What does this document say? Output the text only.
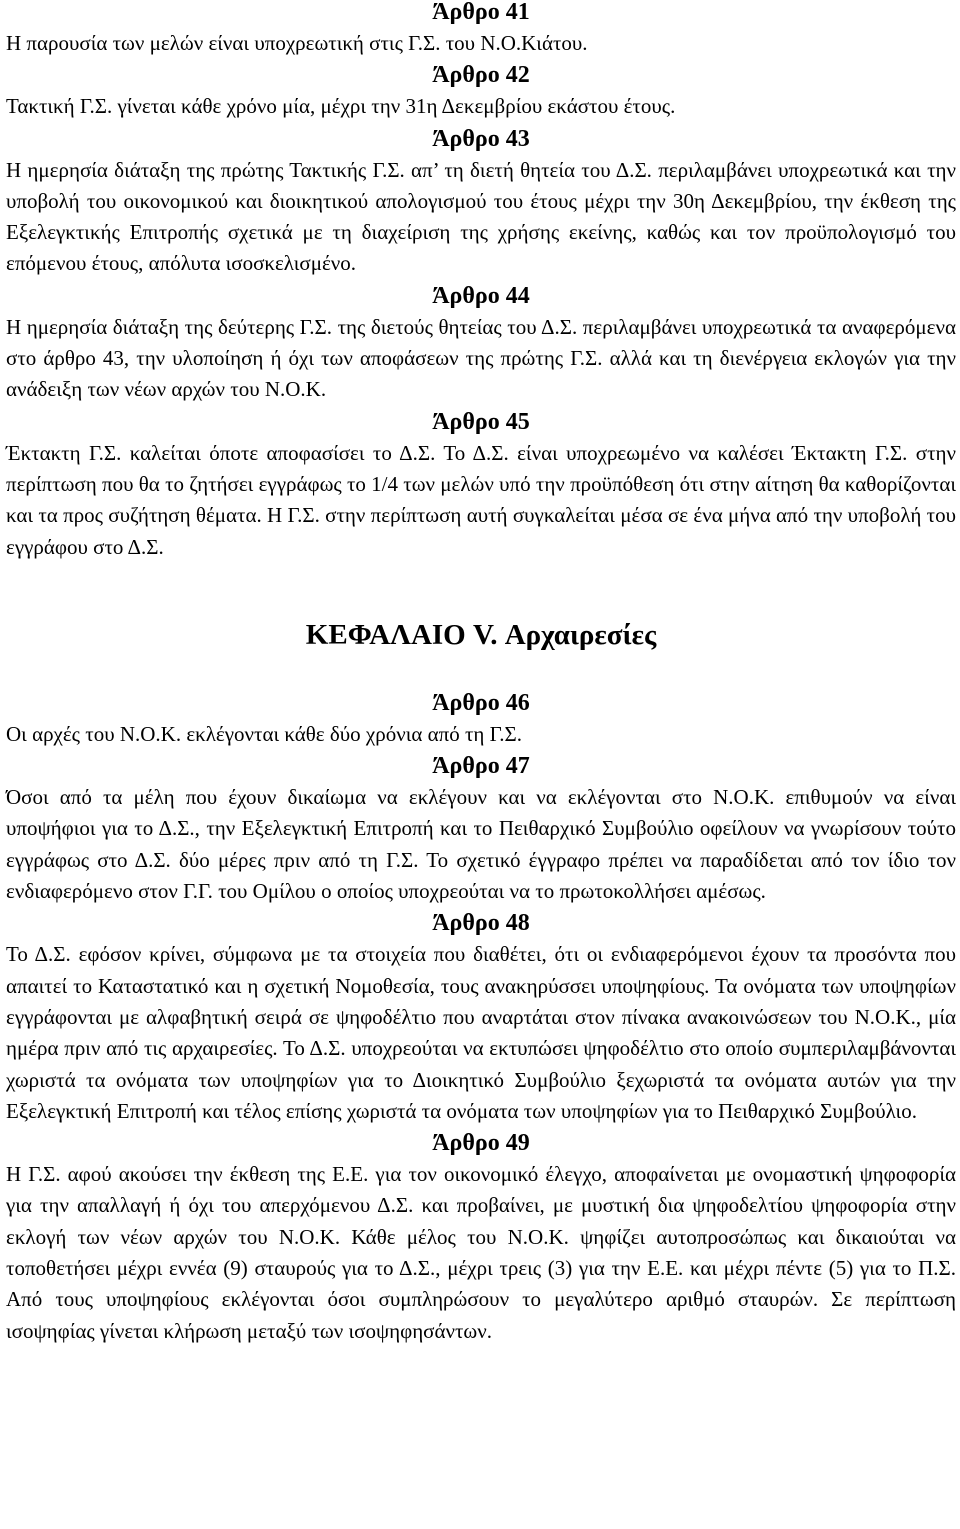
Άρθρο 41

Η παρουσία των μελών είναι υποχρεωτική στις Γ.Σ. του Ν.Ο.Κιάτου.

Άρθρο 42

Τακτική Γ.Σ. γίνεται κάθε χρόνο μία, μέχρι την 31η Δεκεμβρίου εκάστου έτους.

Άρθρο 43

Η ημερησία διάταξη της πρώτης Τακτικής Γ.Σ. απ’ τη διετή θητεία του Δ.Σ. περιλαμβάνει υποχρεωτικά και την υποβολή του οικονομικού και διοικητικού απολογισμού του έτους μέχρι την 30η Δεκεμβρίου, την έκθεση της Εξελεγκτικής Επιτροπής σχετικά με τη διαχείριση της χρήσης εκείνης, καθώς και τον προϋπολογισμό του επόμενου έτους, απόλυτα ισοσκελισμένο.

Άρθρο 44

Η ημερησία διάταξη της δεύτερης Γ.Σ. της διετούς θητείας του Δ.Σ. περιλαμβάνει υποχρεωτικά τα αναφερόμενα στο άρθρο 43, την υλοποίηση ή όχι των αποφάσεων της πρώτης Γ.Σ. αλλά και τη διενέργεια εκλογών για την ανάδειξη των νέων αρχών του Ν.Ο.Κ.

Άρθρο 45

Έκτακτη Γ.Σ. καλείται όποτε αποφασίσει το Δ.Σ. Το Δ.Σ. είναι υποχρεωμένο να καλέσει Έκτακτη Γ.Σ. στην περίπτωση που θα το ζητήσει εγγράφως το 1/4 των μελών υπό την προϋπόθεση ότι στην αίτηση θα καθορίζονται και τα προς συζήτηση θέματα. Η Γ.Σ. στην περίπτωση αυτή συγκαλείται μέσα σε ένα μήνα από την υποβολή του εγγράφου στο Δ.Σ.

ΚΕΦΑΛΑΙΟ V. Αρχαιρεσίες
Άρθρο 46

Οι αρχές του Ν.Ο.Κ. εκλέγονται κάθε δύο χρόνια από τη Γ.Σ.

Άρθρο 47

Όσοι από τα μέλη που έχουν δικαίωμα να εκλέγουν και να εκλέγονται στο Ν.Ο.Κ. επιθυμούν να είναι υποψήφιοι για το Δ.Σ., την Εξελεγκτική Επιτροπή και το Πειθαρχικό Συμβούλιο οφείλουν να γνωρίσουν τούτο εγγράφως στο Δ.Σ. δύο μέρες πριν από τη Γ.Σ. Το σχετικό έγγραφο πρέπει να παραδίδεται από τον ίδιο τον ενδιαφερόμενο στον Γ.Γ. του Ομίλου ο οποίος υποχρεούται να το πρωτοκολλήσει αμέσως.

Άρθρο 48

Το Δ.Σ. εφόσον κρίνει, σύμφωνα με τα στοιχεία που διαθέτει, ότι οι ενδιαφερόμενοι έχουν τα προσόντα που απαιτεί το Καταστατικό και η σχετική Νομοθεσία, τους ανακηρύσσει υποψηφίους. Τα ονόματα των υποψηφίων εγγράφονται με αλφαβητική σειρά σε ψηφοδέλτιο που αναρτάται στον πίνακα ανακοινώσεων του Ν.Ο.Κ., μία ημέρα πριν από τις αρχαιρεσίες. Το Δ.Σ. υποχρεούται να εκτυπώσει ψηφοδέλτιο στο οποίο συμπεριλαμβάνονται χωριστά τα ονόματα των υποψηφίων για το Διοικητικό Συμβούλιο ξεχωριστά τα ονόματα αυτών για την Εξελεγκτική Επιτροπή και τέλος επίσης χωριστά τα ονόματα των υποψηφίων για το Πειθαρχικό Συμβούλιο.

Άρθρο 49

Η Γ.Σ. αφού ακούσει την έκθεση της Ε.Ε. για τον οικονομικό έλεγχο, αποφαίνεται με ονομαστική ψηφοφορία για την απαλλαγή ή όχι του απερχόμενου Δ.Σ. και προβαίνει, με μυστική δια ψηφοδελτίου ψηφοφορία στην εκλογή των νέων αρχών του Ν.Ο.Κ. Κάθε μέλος του Ν.Ο.Κ. ψηφίζει αυτοπροσώπως και δικαιούται να τοποθετήσει μέχρι εννέα (9) σταυρούς για το Δ.Σ., μέχρι τρεις (3) για την Ε.Ε. και μέχρι πέντε (5) για το Π.Σ. Από τους υποψηφίους εκλέγονται όσοι συμπληρώσουν το μεγαλύτερο αριθμό σταυρών. Σε περίπτωση ισοψηφίας γίνεται κλήρωση μεταξύ των ισοψηφησάντων.
